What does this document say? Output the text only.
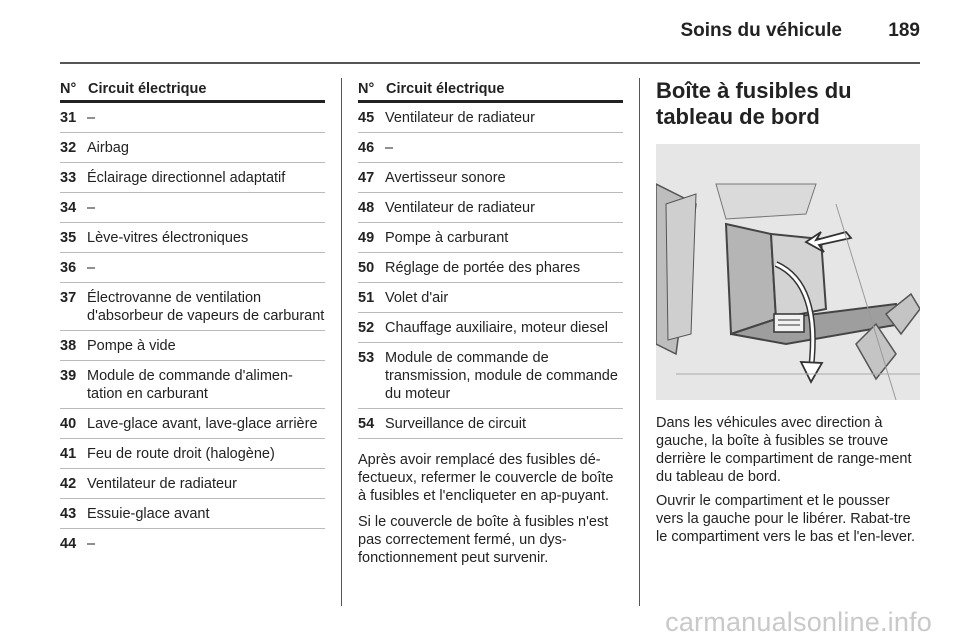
Soins du véhicule 189
N° Circuit électrique
31 –
32 Airbag
33 Éclairage directionnel adaptatif
34 –
35 Lève-vitres électroniques
36 –
37 Électrovanne de ventilation d'absorbeur de vapeurs de carburant
38 Pompe à vide
39 Module de commande d'alimen-tation en carburant
40 Lave-glace avant, lave-glace arrière
41 Feu de route droit (halogène)
42 Ventilateur de radiateur
43 Essuie-glace avant
44 –
N° Circuit électrique
45 Ventilateur de radiateur
46 –
47 Avertisseur sonore
48 Ventilateur de radiateur
49 Pompe à carburant
50 Réglage de portée des phares
51 Volet d'air
52 Chauffage auxiliaire, moteur diesel
53 Module de commande de transmission, module de commande du moteur
54 Surveillance de circuit

Après avoir remplacé des fusibles dé-fectueux, refermer le couvercle de boîte à fusibles et l'encliqueter en ap-puyant.

Si le couvercle de boîte à fusibles n'est pas correctement fermé, un dys-fonctionnement peut survenir.

Boîte à fusibles du tableau de bord

Dans les véhicules avec direction à gauche, la boîte à fusibles se trouve derrière le compartiment de range-ment du tableau de bord.

Ouvrir le compartiment et le pousser vers la gauche pour le libérer. Rabat-tre le compartiment vers le bas et l'en-lever.

carmanualsonline.info
